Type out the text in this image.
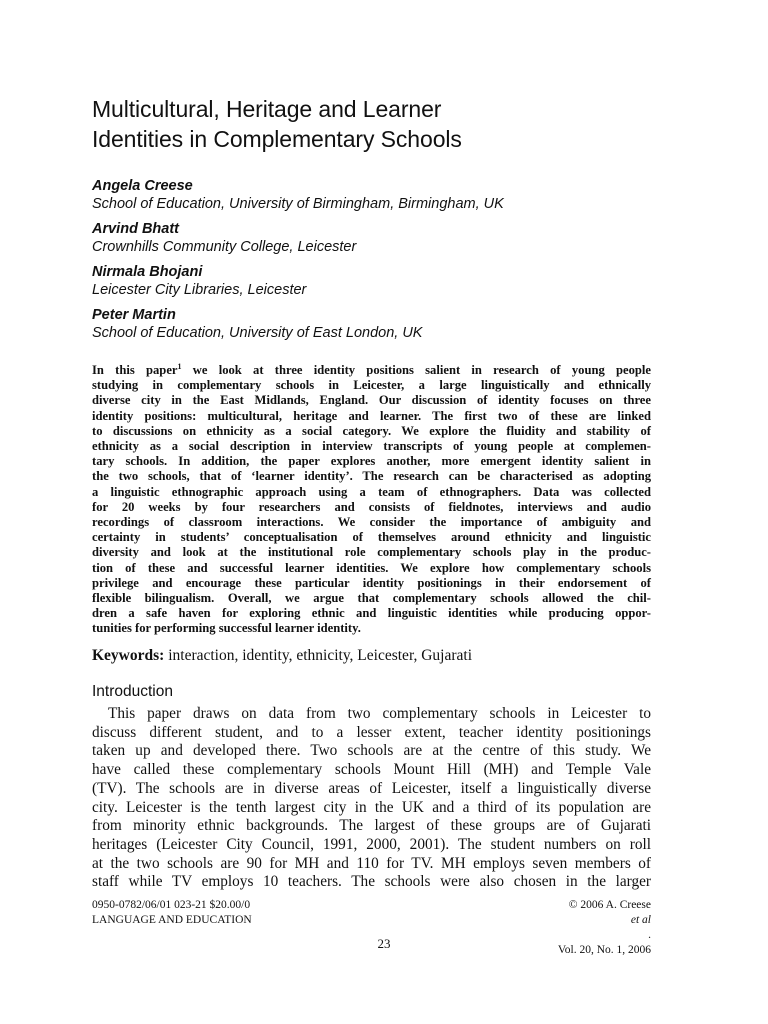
Multicultural, Heritage and Learner
Identities in Complementary Schools
Angela Creese
School of Education, University of Birmingham, Birmingham, UK
Arvind Bhatt
Crownhills Community College, Leicester
Nirmala Bhojani
Leicester City Libraries, Leicester
Peter Martin
School of Education, University of East London, UK
In this paper$^1$ we look at three identity positions salient in research of young people
studying in complementary schools in Leicester, a large linguistically and ethnically
diverse city in the East Midlands, England. Our discussion of identity focuses on three
identity positions: multicultural, heritage and learner. The first two of these are linked
to discussions on ethnicity as a social category. We explore the fluidity and stability of
ethnicity as a social description in interview transcripts of young people at complemen-
tary schools. In addition, the paper explores another, more emergent identity salient in
the two schools, that of ‘learner identity’. The research can be characterised as adopting
a linguistic ethnographic approach using a team of ethnographers. Data was collected
for 20 weeks by four researchers and consists of fieldnotes, interviews and audio
recordings of classroom interactions. We consider the importance of ambiguity and
certainty in students’ conceptualisation of themselves around ethnicity and linguistic
diversity and look at the institutional role complementary schools play in the produc-
tion of these and successful learner identities. We explore how complementary schools
privilege and encourage these particular identity positionings in their endorsement of
flexible bilingualism. Overall, we argue that complementary schools allowed the chil-
dren a safe haven for exploring ethnic and linguistic identities while producing oppor-
tunities for performing successful learner identity.
Keywords: interaction, identity, ethnicity, Leicester, Gujarati
Introduction
This paper draws on data from two complementary schools in Leicester to
discuss different student, and to a lesser extent, teacher identity positionings
taken up and developed there. Two schools are at the centre of this study. We
have called these complementary schools Mount Hill (MH) and Temple Vale
(TV). The schools are in diverse areas of Leicester, itself a linguistically diverse
city. Leicester is the tenth largest city in the UK and a third of its population are
from minority ethnic backgrounds. The largest of these groups are of Gujarati
heritages (Leicester City Council, 1991, 2000, 2001). The student numbers on roll
at the two schools are 90 for MH and 110 for TV. MH employs seven members of
staff while TV employs 10 teachers. The schools were also chosen in the larger
0950-0782/06/01 023-21 $20.00/0
LANGUAGE AND EDUCATION
© 2006 A. Creese
et al
.
Vol. 20, No. 1, 2006
23
